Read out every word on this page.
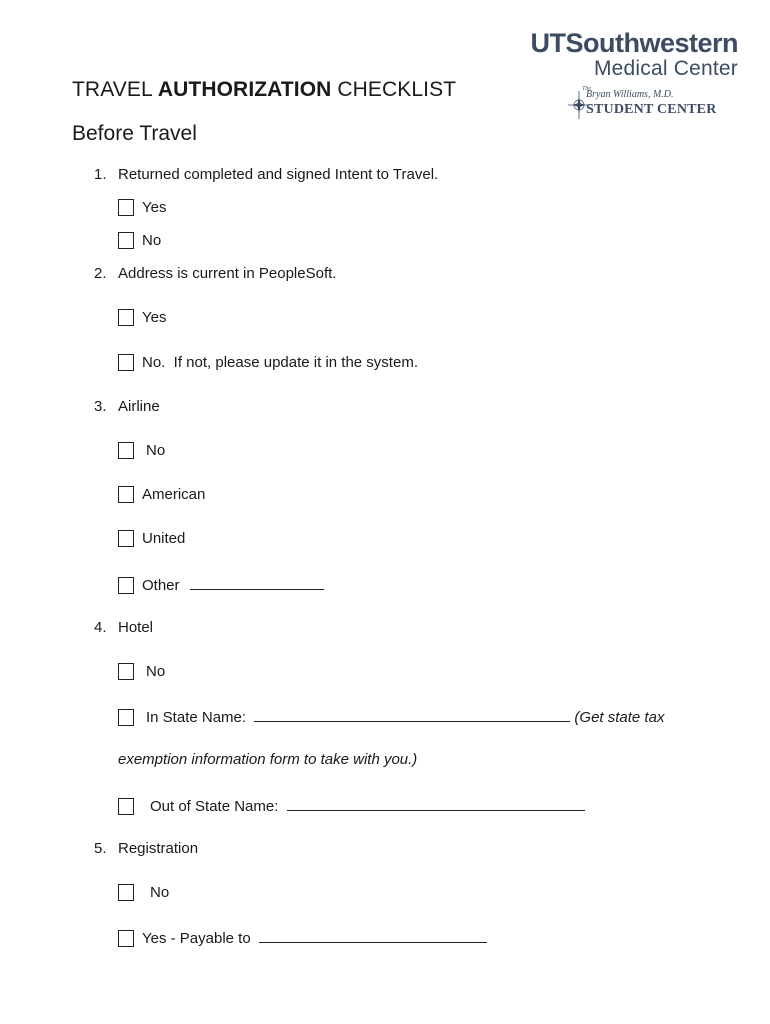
UTSouthwestern
Medical Center
The
Bryan Williams, M.D.
STUDENT CENTER
TRAVEL AUTHORIZATION CHECKLIST
Before Travel
1. Returned completed and signed Intent to Travel.
Yes
No
2. Address is current in PeopleSoft.
Yes
No.  If not, please update it in the system.
3. Airline
No
American
United
Other
4. Hotel
No
In State Name:	(Get state tax
exemption information form to take with you.)
Out of State Name:
5. Registration
No
Yes - Payable to
